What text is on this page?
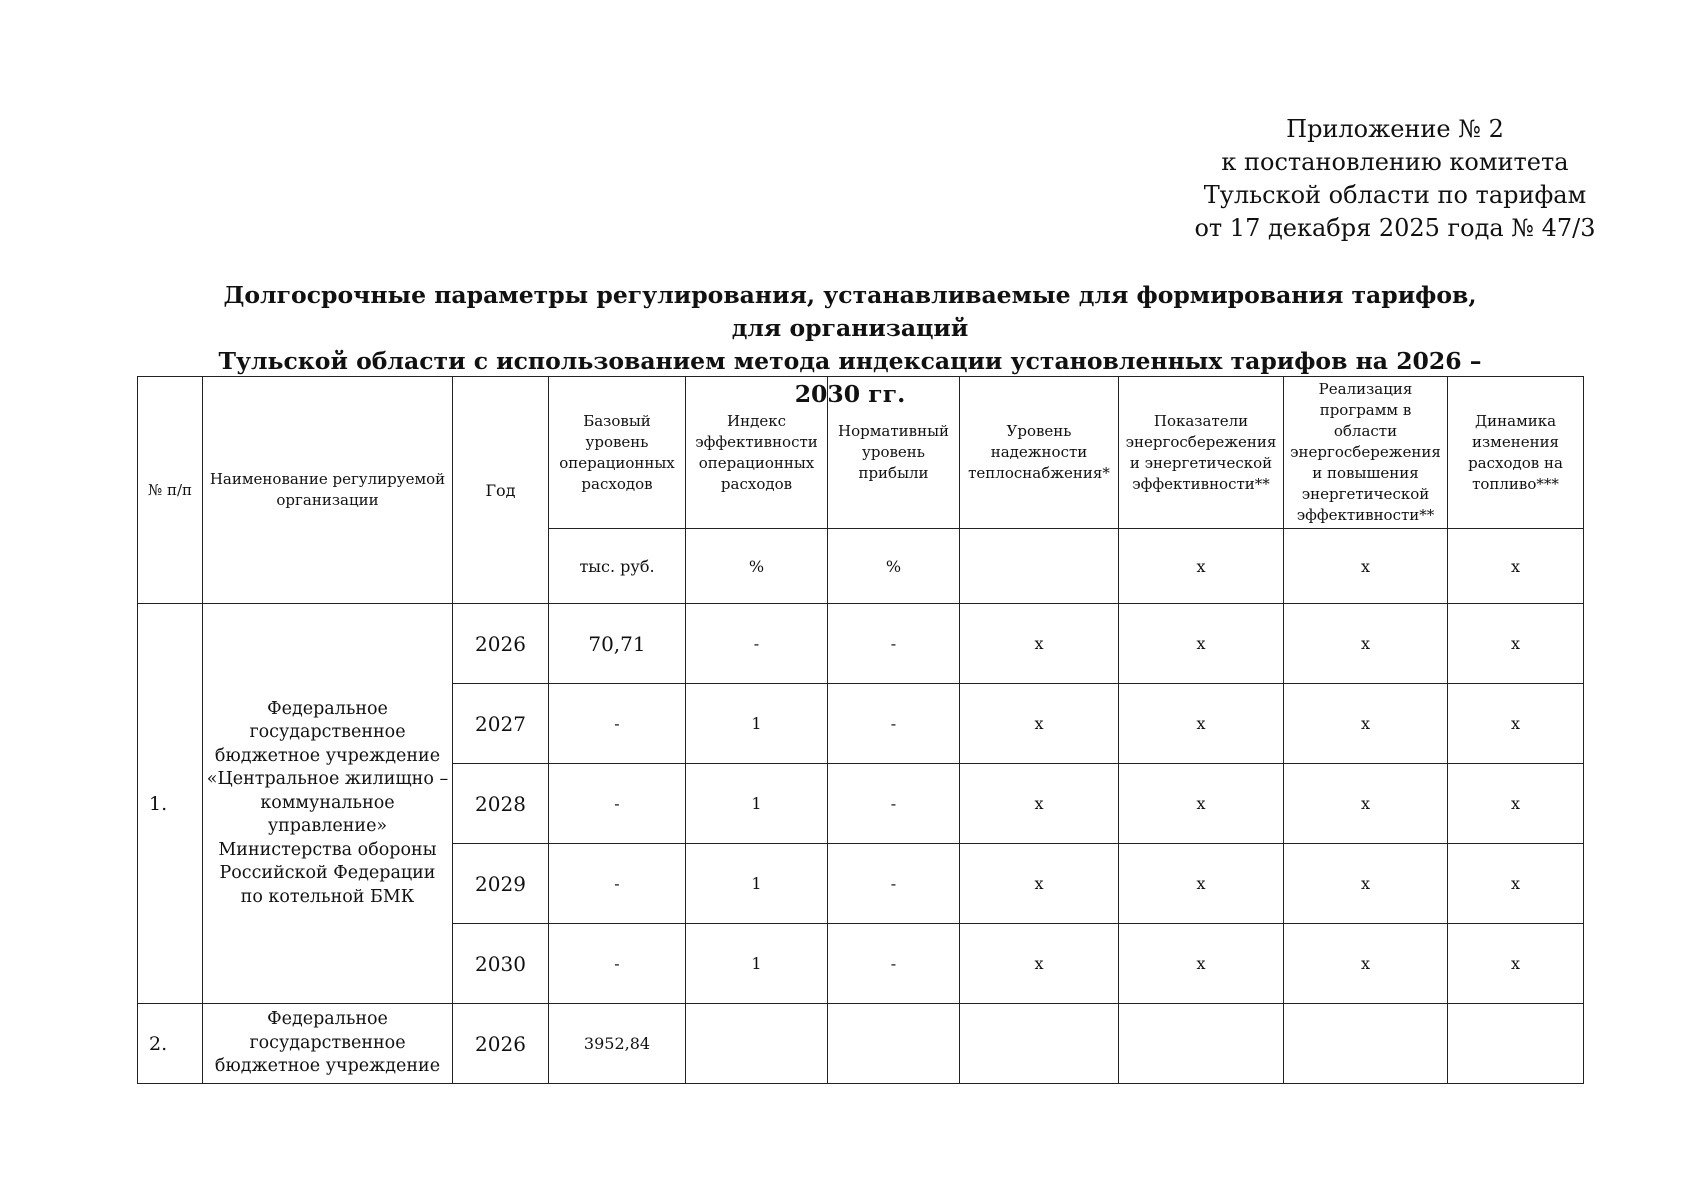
Приложение № 2
к постановлению комитета
Тульской области по тарифам
от 17 декабря 2025 года № 47/3
Долгосрочные параметры регулирования, устанавливаемые для формирования тарифов, для организаций
Тульской области с использованием метода индексации установленных тарифов на 2026 – 2030 гг.
№ п/п	Наименование регулируемой организации	Год	Базовый уровень операционных расходов	Индекс эффективности операционных расходов	Нормативный уровень прибыли	Уровень надежности теплоснабжения*	Показатели энергосбережения и энергетической эффективности**	Реализация программ в области энергосбережения и повышения энергетической эффективности**	Динамика изменения расходов на топливо***
			тыс. руб.	%	%		х	х	х
1.	Федеральное государственное бюджетное учреждение «Центральное жилищно – коммунальное управление» Министерства обороны Российской Федерации по котельной БМК	2026	70,71	-	-	х	х	х	х
		2027	-	1	-	х	х	х	х
		2028	-	1	-	х	х	х	х
		2029	-	1	-	х	х	х	х
		2030	-	1	-	х	х	х	х
2.	Федеральное государственное бюджетное учреждение	2026	3952,84						
